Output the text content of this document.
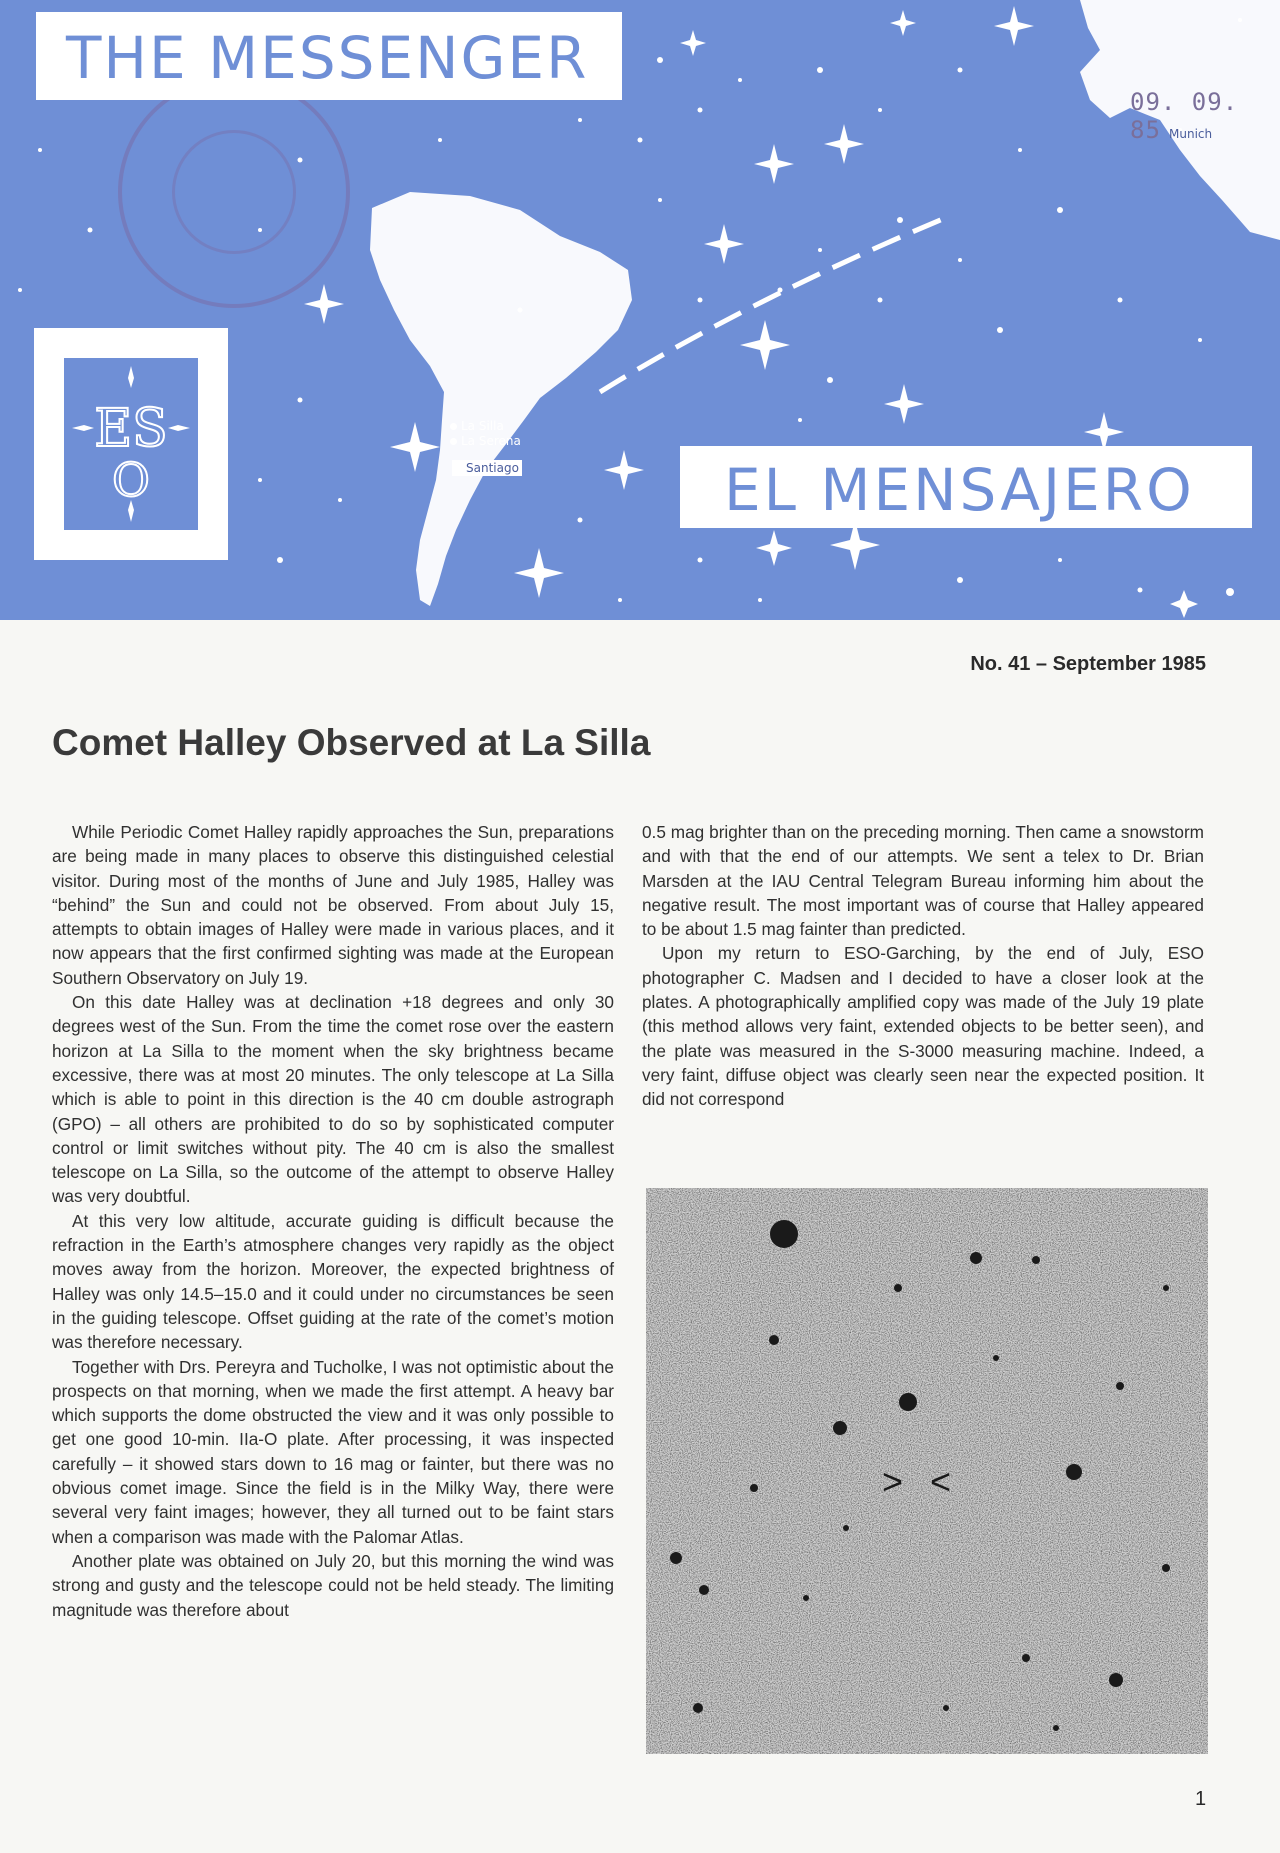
THE MESSENGER
ES
O
La Silla
La Serena
Santiago
Munich
09. 09. 85
EL MENSAJERO
No. 41 – September 1985
Comet Halley Observed at La Silla

While Periodic Comet Halley rapidly approaches the Sun, preparations are being made in many places to observe this distinguished celestial visitor. During most of the months of June and July 1985, Halley was “behind” the Sun and could not be observed. From about July 15, attempts to obtain images of Halley were made in various places, and it now appears that the first confirmed sighting was made at the European Southern Observatory on July 19.

On this date Halley was at declination +18 degrees and only 30 degrees west of the Sun. From the time the comet rose over the eastern horizon at La Silla to the moment when the sky brightness became excessive, there was at most 20 minutes. The only telescope at La Silla which is able to point in this direction is the 40 cm double astrograph (GPO) – all others are prohibited to do so by sophisticated computer control or limit switches without pity. The 40 cm is also the smallest telescope on La Silla, so the outcome of the attempt to observe Halley was very doubtful.

At this very low altitude, accurate guiding is difficult because the refraction in the Earth’s atmosphere changes very rapidly as the object moves away from the horizon. Moreover, the expected brightness of Halley was only 14.5–15.0 and it could under no circumstances be seen in the guiding telescope. Offset guiding at the rate of the comet’s motion was therefore necessary.

Together with Drs. Pereyra and Tucholke, I was not optimistic about the prospects on that morning, when we made the first attempt. A heavy bar which supports the dome obstructed the view and it was only possible to get one good 10-min. IIa-O plate. After processing, it was inspected carefully – it showed stars down to 16 mag or fainter, but there was no obvious comet image. Since the field is in the Milky Way, there were several very faint images; however, they all turned out to be faint stars when a comparison was made with the Palomar Atlas.

Another plate was obtained on July 20, but this morning the wind was strong and gusty and the telescope could not be held steady. The limiting magnitude was therefore about

0.5 mag brighter than on the preceding morning. Then came a snowstorm and with that the end of our attempts. We sent a telex to Dr. Brian Marsden at the IAU Central Telegram Bureau informing him about the negative result. The most important was of course that Halley appeared to be about 1.5 mag fainter than predicted.

Upon my return to ESO-Garching, by the end of July, ESO photographer C. Madsen and I decided to have a closer look at the plates. A photographically amplified copy was made of the July 19 plate (this method allows very faint, extended objects to be better seen), and the plate was measured in the S-3000 measuring machine. Indeed, a very faint, diffuse object was clearly seen near the expected position. It did not correspond

> <
1
